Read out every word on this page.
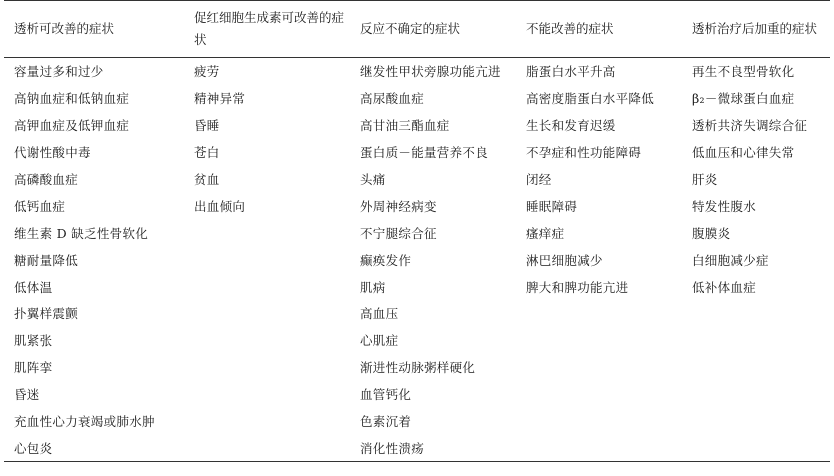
透析可改善的症状	促红细胞生成素可改善的症状	反应不确定的症状	不能改善的症状	透析治疗后加重的症状
容量过多和过少	疲劳	继发性甲状旁腺功能亢进	脂蛋白水平升高	再生不良型骨软化
高钠血症和低钠血症	精神异常	高尿酸血症	高密度脂蛋白水平降低	β₂－微球蛋白血症
高钾血症及低钾血症	昏睡	高甘油三酯血症	生长和发育迟缓	透析共济失调综合征
代谢性酸中毒	苍白	蛋白质－能量营养不良	不孕症和性功能障碍	低血压和心律失常
高磷酸血症	贫血	头痛	闭经	肝炎
低钙血症	出血倾向	外周神经病变	睡眠障碍	特发性腹水
维生素 D 缺乏性骨软化		不宁腿综合征	瘙痒症	腹膜炎
糖耐量降低		癫痪发作	淋巴细胞减少	白细胞减少症
低体温		肌病	脾大和脾功能亢进	低补体血症
扑翼样震颤		高血压		
肌紧张		心肌症		
肌阵挛		渐进性动脉粥样硬化		
昏迷		血管钙化		
充血性心力衰竭或肺水肿		色素沉着		
心包炎		消化性溃疡		
